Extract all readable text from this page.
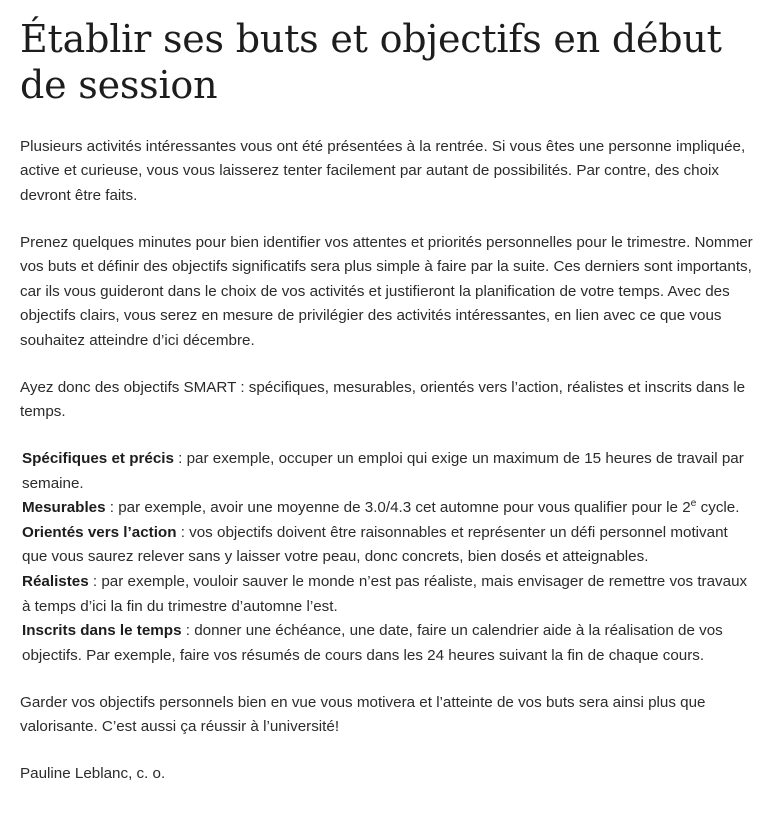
Établir ses buts et objectifs en début de session

Plusieurs activités intéressantes vous ont été présentées à la rentrée. Si vous êtes une personne impliquée, active et curieuse, vous vous laisserez tenter facilement par autant de possibilités. Par contre, des choix devront être faits.

Prenez quelques minutes pour bien identifier vos attentes et priorités personnelles pour le trimestre. Nommer vos buts et définir des objectifs significatifs sera plus simple à faire par la suite. Ces derniers sont importants, car ils vous guideront dans le choix de vos activités et justifieront la planification de votre temps. Avec des objectifs clairs, vous serez en mesure de privilégier des activités intéressantes, en lien avec ce que vous souhaitez atteindre d’ici décembre.

Ayez donc des objectifs SMART : spécifiques, mesurables, orientés vers l’action, réalistes et inscrits dans le temps.

Spécifiques et précis : par exemple, occuper un emploi qui exige un maximum de 15 heures de travail par semaine.
Mesurables : par exemple, avoir une moyenne de 3.0/4.3 cet automne pour vous qualifier pour le 2e cycle.
Orientés vers l’action : vos objectifs doivent être raisonnables et représenter un défi personnel motivant que vous saurez relever sans y laisser votre peau, donc concrets, bien dosés et atteignables.
Réalistes : par exemple, vouloir sauver le monde n’est pas réaliste, mais envisager de remettre vos travaux à temps d’ici la fin du trimestre d’automne l’est.
Inscrits dans le temps : donner une échéance, une date, faire un calendrier aide à la réalisation de vos objectifs. Par exemple, faire vos résumés de cours dans les 24 heures suivant la fin de chaque cours.

Garder vos objectifs personnels bien en vue vous motivera et l’atteinte de vos buts sera ainsi plus que valorisante. C’est aussi ça réussir à l’université!

Pauline Leblanc, c. o.
